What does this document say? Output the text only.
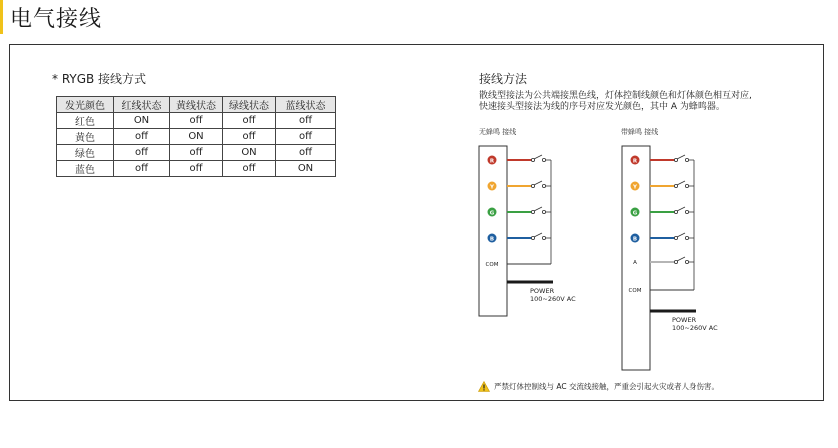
电气接线
* RYGB 接线方式
发光颜色	红线状态	黄线状态	绿线状态	蓝线状态
红色	ON	off	off	off
黄色	off	ON	off	off
绿色	off	off	ON	off
蓝色	off	off	off	ON
接线方法
散线型接法为公共端接黑色线，灯体控制线颜色和灯体颜色相互对应,
快速接头型接法为线的序号对应发光颜色，其中 A 为蜂鸣器。
无蜂鸣 接线	带蜂鸣 接线
R
Y
G
B
COM
POWER
100~260V AC
R
Y
G
B
A
COM
POWER
100~260V AC
严禁灯体控制线与 AC 交流线接触，严重会引起火灾或者人身伤害。
